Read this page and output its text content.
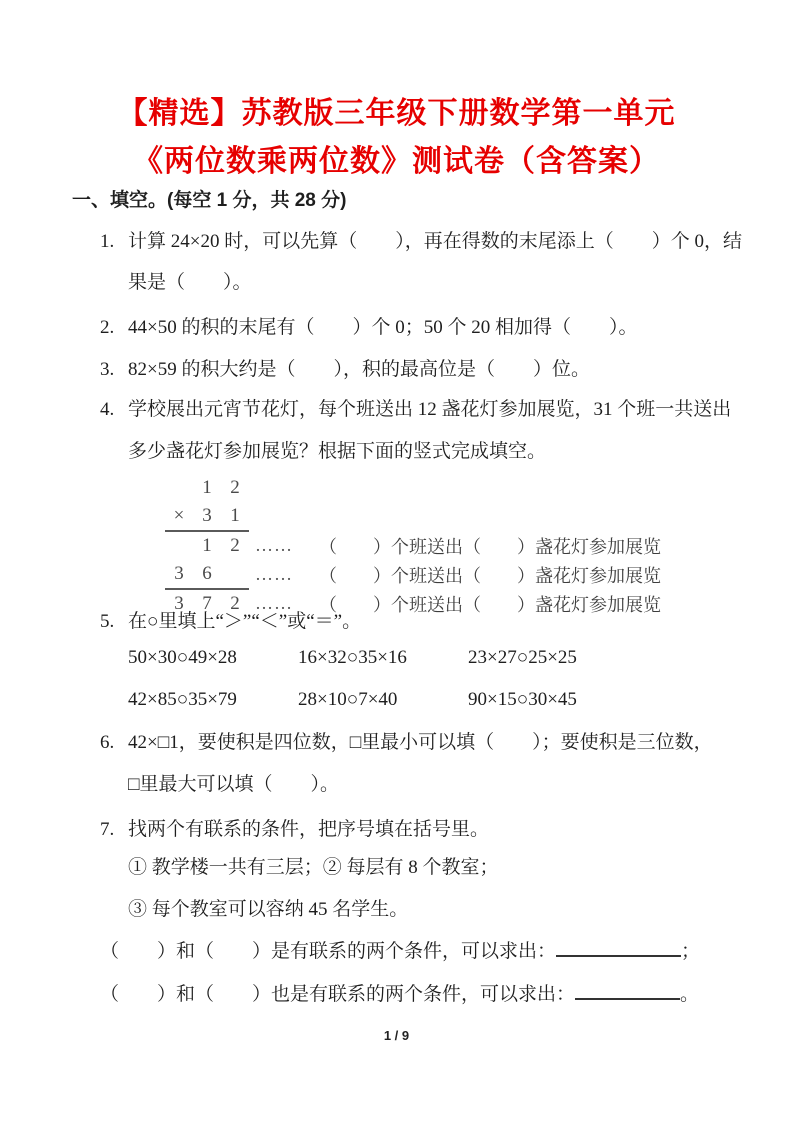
【精选】苏教版三年级下册数学第一单元
《两位数乘两位数》测试卷（含答案）
一、填空。(每空 1 分，共 28 分)
1. 计算 24×20 时，可以先算（　　），再在得数的末尾添上（　　）个 0，结
果是（　　）。
2. 44×50 的积的末尾有（　　）个 0；50 个 20 相加得（　　）。
3. 82×59 的积大约是（　　），积的最高位是（　　）位。
4. 学校展出元宵节花灯，每个班送出 12 盏花灯参加展览，31 个班一共送出
多少盏花灯参加展览？根据下面的竖式完成填空。
1 2
× 3 1
1 2 ……	（　　）个班送出（　　）盏花灯参加展览
3 6	……	（　　）个班送出（　　）盏花灯参加展览
3 7 2 ……	（　　）个班送出（　　）盏花灯参加展览
5. 在○里填上“＞”“＜”或“＝”。
50×30○49×28	16×32○35×16	23×27○25×25
42×85○35×79	28×10○7×40	90×15○30×45
6. 42×□1，要使积是四位数，□里最小可以填（　　）；要使积是三位数，
□里最大可以填（　　）。
7. 找两个有联系的条件，把序号填在括号里。
① 教学楼一共有三层；② 每层有 8 个教室；
③ 每个教室可以容纳 45 名学生。
（　　）和（　　）是有联系的两个条件，可以求出：	；
（　　）和（　　）也是有联系的两个条件，可以求出：	。
1 / 9
